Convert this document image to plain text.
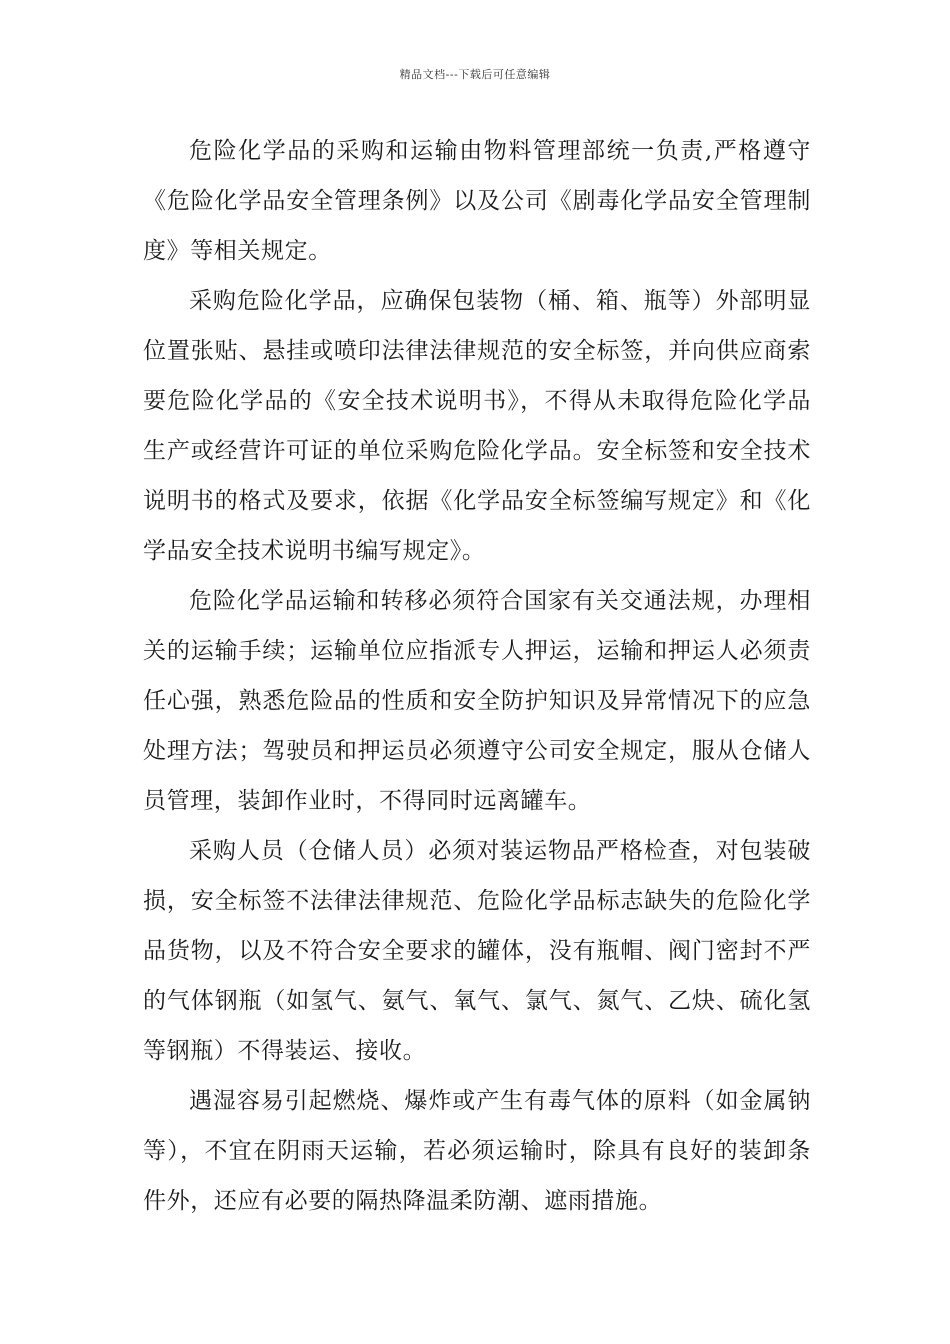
精品文档---下载后可任意编辑

危险化学品的采购和运输由物料管理部统一负责,严格遵守《危险化学品安全管理条例》以及公司《剧毒化学品安全管理制度》等相关规定。

采购危险化学品，应确保包装物（桶、箱、瓶等）外部明显位置张贴、悬挂或喷印法律法律规范的安全标签，并向供应商索要危险化学品的《安全技术说明书》，不得从未取得危险化学品生产或经营许可证的单位采购危险化学品。安全标签和安全技术说明书的格式及要求，依据《化学品安全标签编写规定》和《化学品安全技术说明书编写规定》。

危险化学品运输和转移必须符合国家有关交通法规，办理相关的运输手续；运输单位应指派专人押运，运输和押运人必须责任心强，熟悉危险品的性质和安全防护知识及异常情况下的应急处理方法；驾驶员和押运员必须遵守公司安全规定，服从仓储人员管理，装卸作业时，不得同时远离罐车。

采购人员（仓储人员）必须对装运物品严格检查，对包装破损，安全标签不法律法律规范、危险化学品标志缺失的危险化学品货物，以及不符合安全要求的罐体，没有瓶帽、阀门密封不严的气体钢瓶（如氢气、氨气、氧气、氯气、氮气、乙炔、硫化氢等钢瓶）不得装运、接收。

遇湿容易引起燃烧、爆炸或产生有毒气体的原料（如金属钠等），不宜在阴雨天运输，若必须运输时，除具有良好的装卸条件外，还应有必要的隔热降温柔防潮、遮雨措施。
